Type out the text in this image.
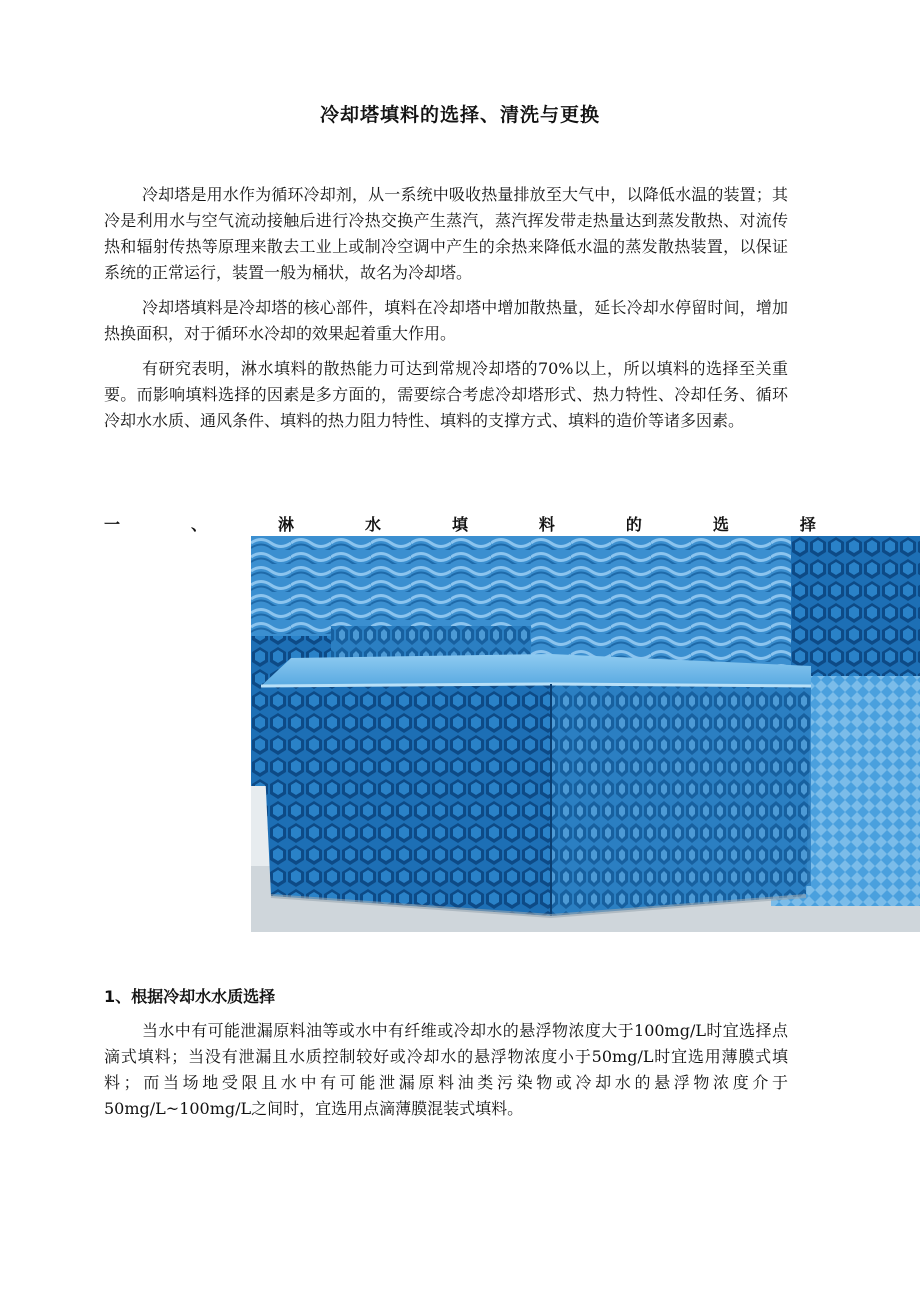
冷却塔填料的选择、清洗与更换

冷却塔是用水作为循环冷却剂，从一系统中吸收热量排放至大气中，以降低水温的装置；其冷是利用水与空气流动接触后进行冷热交换产生蒸汽，蒸汽挥发带走热量达到蒸发散热、对流传热和辐射传热等原理来散去工业上或制冷空调中产生的余热来降低水温的蒸发散热装置，以保证系统的正常运行，装置一般为桶状，故名为冷却塔。

冷却塔填料是冷却塔的核心部件，填料在冷却塔中增加散热量，延长冷却水停留时间，增加热换面积，对于循环水冷却的效果起着重大作用。

有研究表明，淋水填料的散热能力可达到常规冷却塔的70%以上，所以填料的选择至关重要。而影响填料选择的因素是多方面的，需要综合考虑冷却塔形式、热力特性、冷却任务、循环冷却水水质、通风条件、填料的热力阻力特性、填料的支撑方式、填料的造价等诸多因素。

一	、	淋	水	填	料	的	选	择
1、根据冷却水水质选择

当水中有可能泄漏原料油等或水中有纤维或冷却水的悬浮物浓度大于100mg/L时宜选择点滴式填料；当没有泄漏且水质控制较好或冷却水的悬浮物浓度小于50mg/L时宜选用薄膜式填料；而当场地受限且水中有可能泄漏原料油类污染物或冷却水的悬浮物浓度介于50mg/L~100mg/L之间时，宜选用点滴薄膜混装式填料。
